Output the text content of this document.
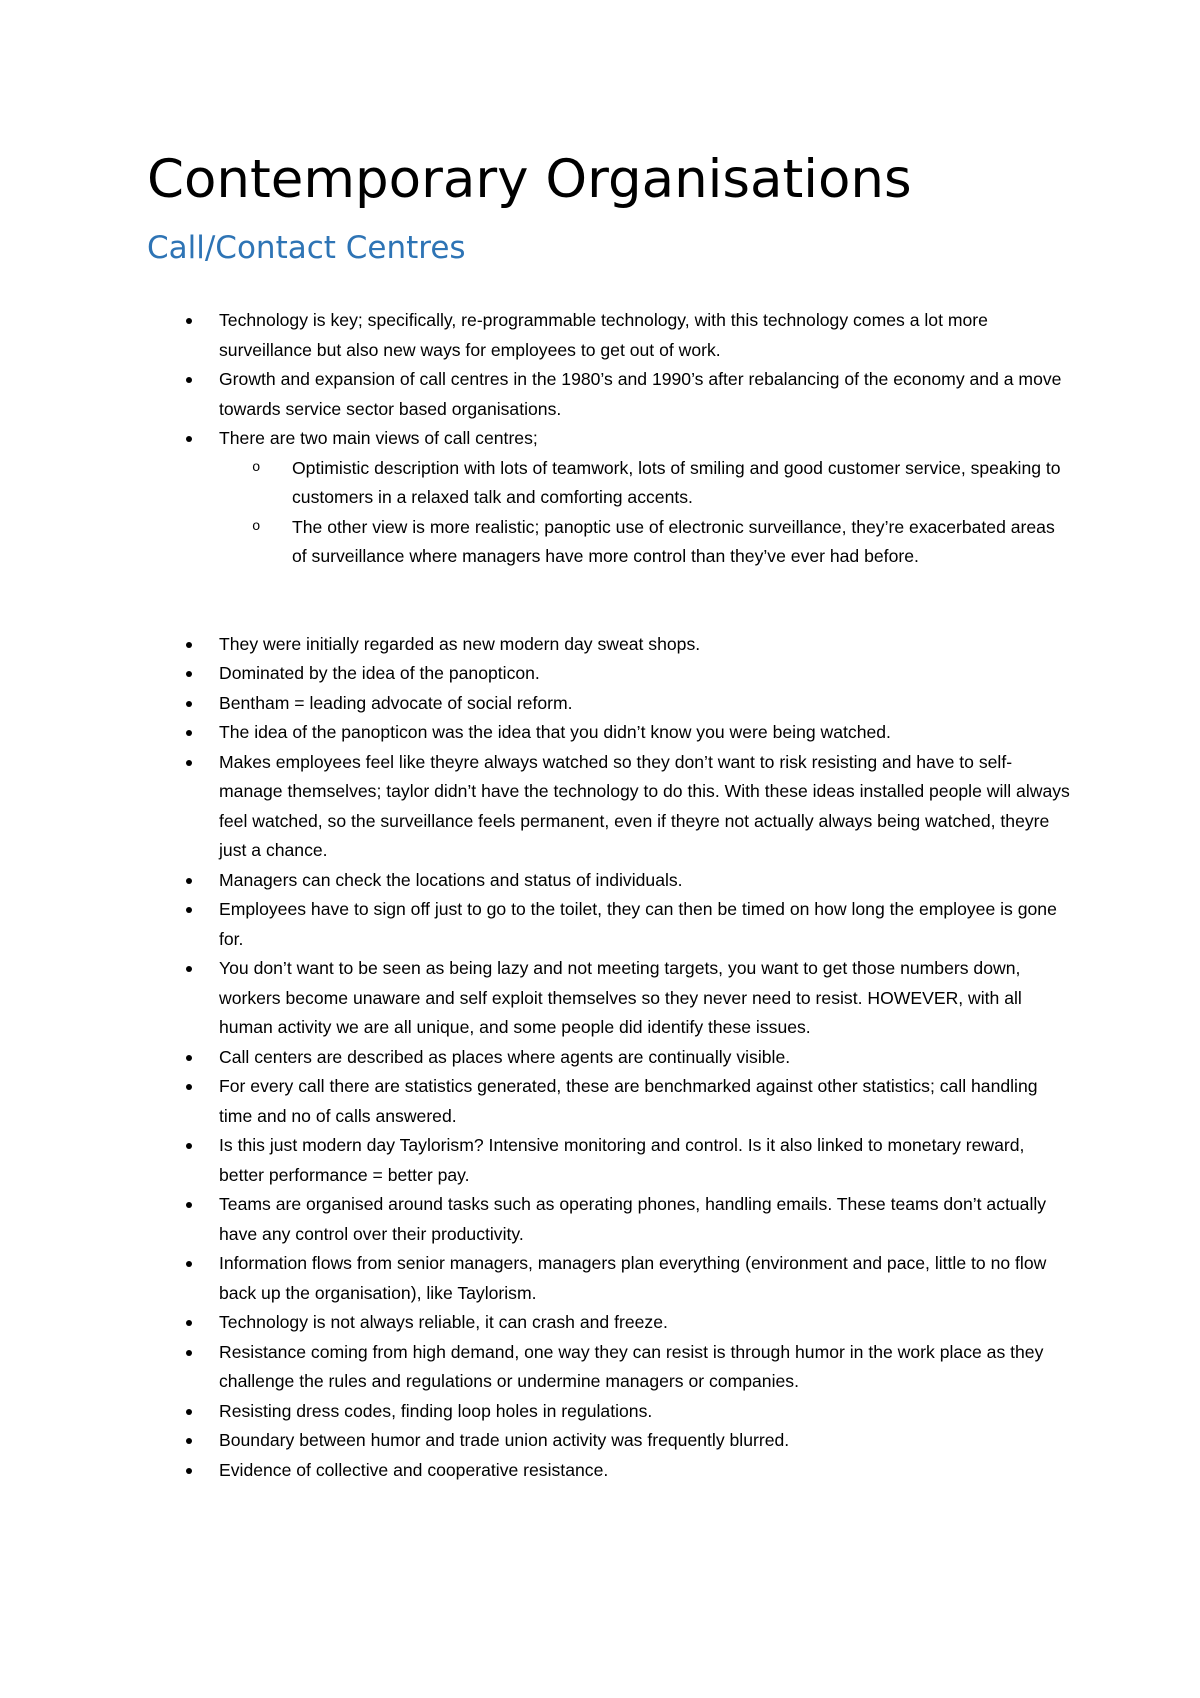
Contemporary Organisations
Call/Contact Centres
Technology is key; specifically, re-programmable technology, with this technology comes a lot more surveillance but also new ways for employees to get out of work.
Growth and expansion of call centres in the 1980’s and 1990’s after rebalancing of the economy and a move towards service sector based organisations.
There are two main views of call centres;
o Optimistic description with lots of teamwork, lots of smiling and good customer service, speaking to customers in a relaxed talk and comforting accents.
o The other view is more realistic; panoptic use of electronic surveillance, they’re exacerbated areas of surveillance where managers have more control than they’ve ever had before.
They were initially regarded as new modern day sweat shops.
Dominated by the idea of the panopticon.
Bentham = leading advocate of social reform.
The idea of the panopticon was the idea that you didn’t know you were being watched.
Makes employees feel like theyre always watched so they don’t want to risk resisting and have to self-manage themselves; taylor didn’t have the technology to do this. With these ideas installed people will always feel watched, so the surveillance feels permanent, even if theyre not actually always being watched, theyre just a chance.
Managers can check the locations and status of individuals.
Employees have to sign off just to go to the toilet, they can then be timed on how long the employee is gone for.
You don’t want to be seen as being lazy and not meeting targets, you want to get those numbers down, workers become unaware and self exploit themselves so they never need to resist. HOWEVER, with all human activity we are all unique, and some people did identify these issues.
Call centers are described as places where agents are continually visible.
For every call there are statistics generated, these are benchmarked against other statistics; call handling time and no of calls answered.
Is this just modern day Taylorism? Intensive monitoring and control. Is it also linked to monetary reward, better performance = better pay.
Teams are organised around tasks such as operating phones, handling emails. These teams don’t actually have any control over their productivity.
Information flows from senior managers, managers plan everything (environment and pace, little to no flow back up the organisation), like Taylorism.
Technology is not always reliable, it can crash and freeze.
Resistance coming from high demand, one way they can resist is through humor in the work place as they challenge the rules and regulations or undermine managers or companies.
Resisting dress codes, finding loop holes in regulations.
Boundary between humor and trade union activity was frequently blurred.
Evidence of collective and cooperative resistance.
